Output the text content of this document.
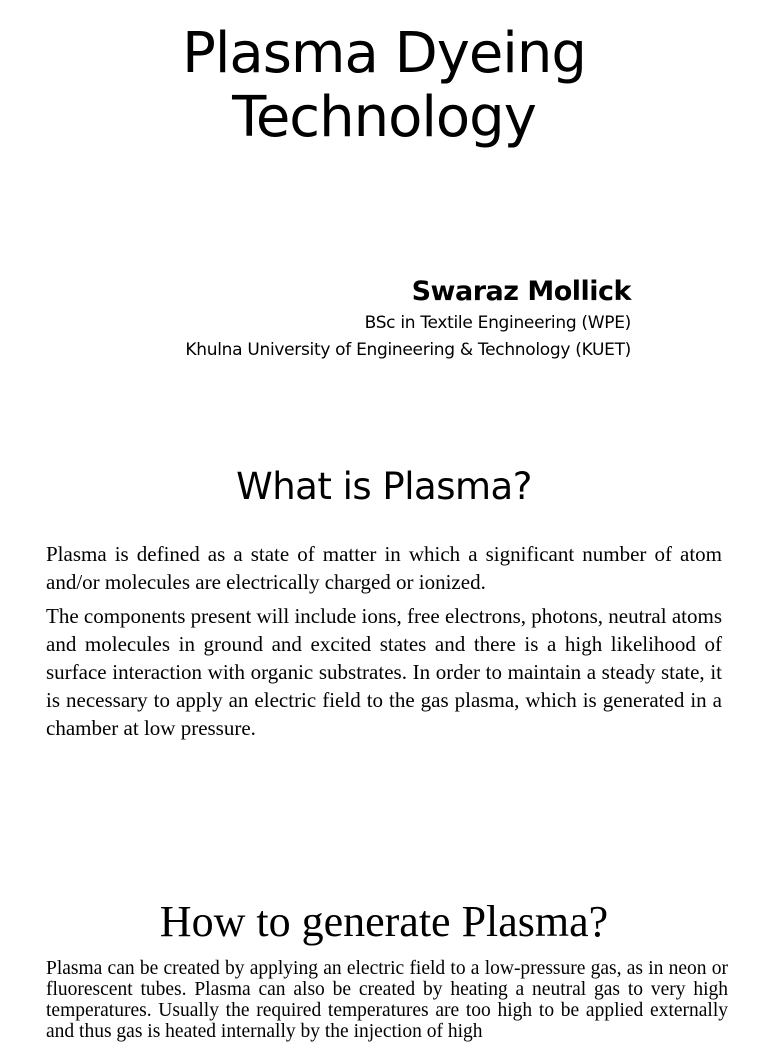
Plasma Dyeing
Technology
Swaraz Mollick
BSc in Textile Engineering (WPE)
Khulna University of Engineering & Technology (KUET)
What is Plasma?

Plasma is defined as a state of matter in which a significant number of atom and/or molecules are electrically charged or ionized.

The components present will include ions, free electrons, photons, neutral atoms and molecules in ground and excited states and there is a high likelihood of surface interaction with organic substrates. In order to maintain a steady state, it is necessary to apply an electric field to the gas plasma, which is generated in a chamber at low pressure.

How to generate Plasma?

Plasma can be created by applying an electric field to a low-pressure gas, as in neon or fluorescent tubes. Plasma can also be created by heating a neutral gas to very high temperatures. Usually the required temperatures are too high to be applied externally and thus gas is heated internally by the injection of high
